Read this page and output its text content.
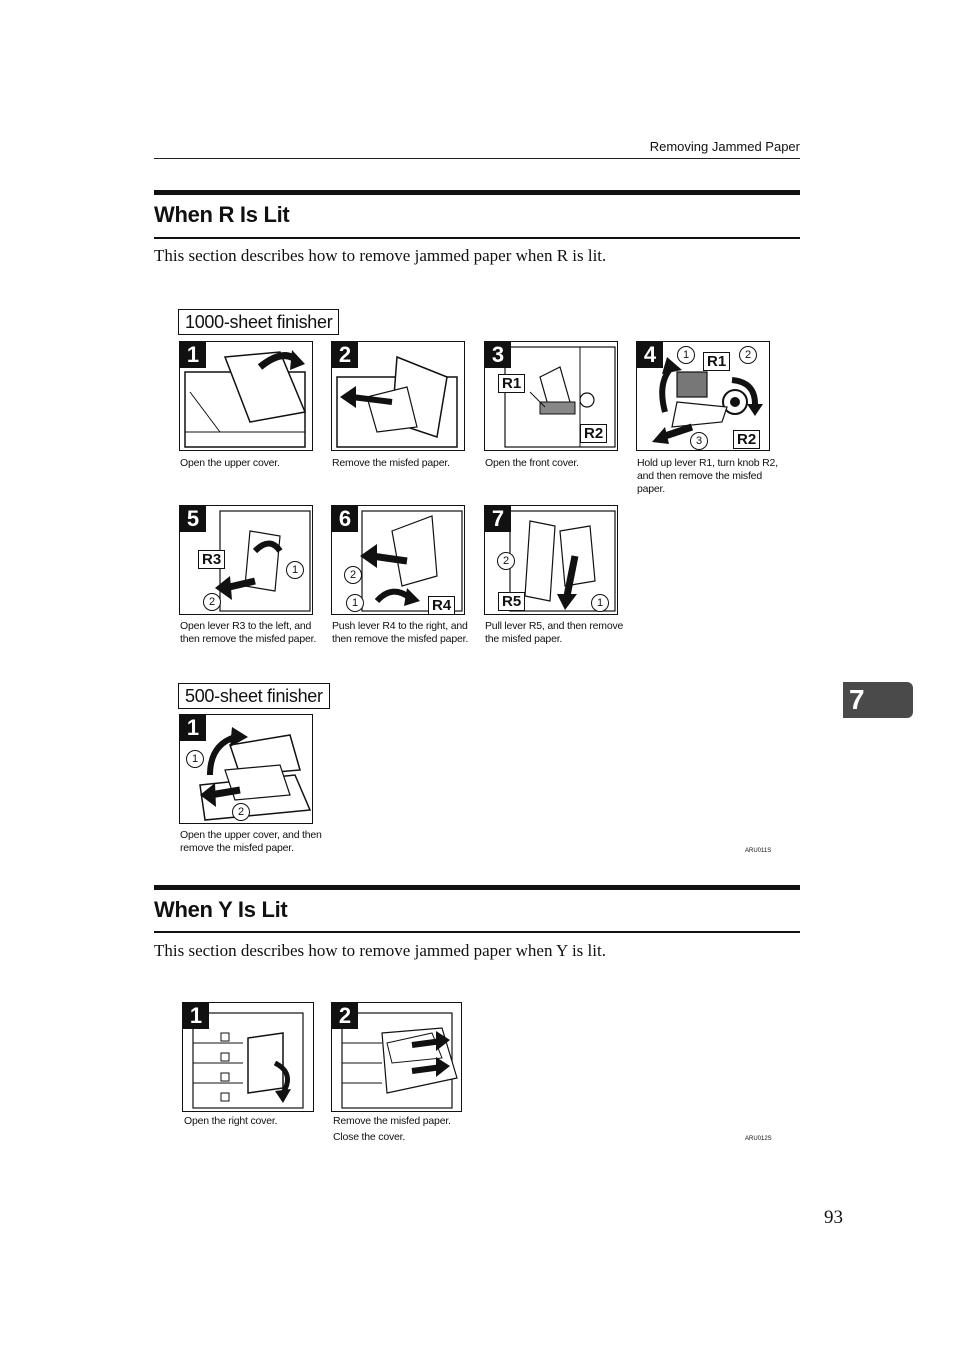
Removing Jammed Paper
When R Is Lit
This section describes how to remove jammed paper when R is lit.
1000-sheet finisher
1
Open the upper cover.
2
Remove the misfed paper.
3
R1
R2
Open the front cover.
4	1	R1	2
3	R2
Hold up lever R1, turn knob R2, and then remove the misfed paper.
5
R3
1
2
Open lever R3 to the left, and then remove the misfed paper.
6
2
1	R4
Push lever R4 to the right, and then remove the misfed paper.
7
2
R5	1
Pull lever R5, and then remove the misfed paper.
500-sheet finisher
1
1
2
Open the upper cover, and then remove the misfed paper.	ARU011S
7
When Y Is Lit
This section describes how to remove jammed paper when Y is lit.
1
Open the right cover.
2
Remove the misfed paper.
Close the cover.	ARU012S
93
